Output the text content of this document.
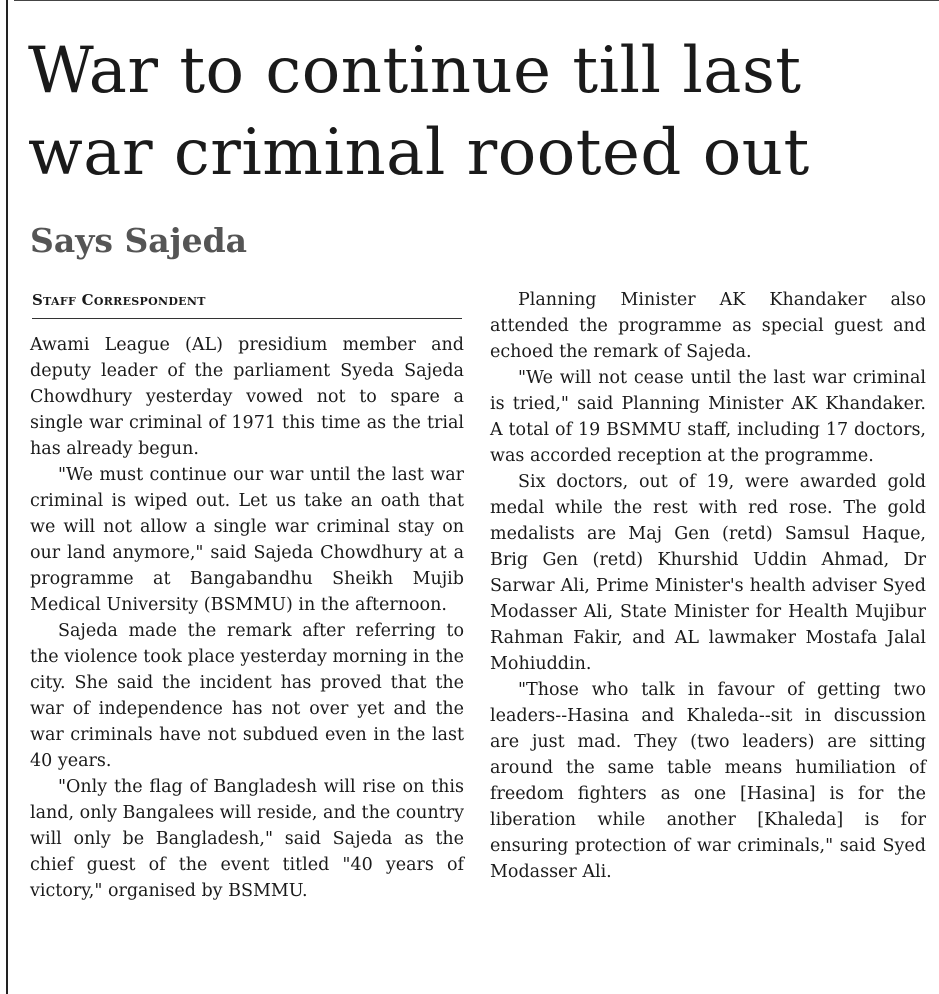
War to continue till last war criminal rooted out
Says Sajeda
Staff Correspondent

Awami League (AL) presidium member and deputy leader of the parliament Syeda Sajeda Chowdhury yesterday vowed not to spare a single war criminal of 1971 this time as the trial has already begun.

"We must continue our war until the last war criminal is wiped out. Let us take an oath that we will not allow a single war criminal stay on our land anymore," said Sajeda Chowdhury at a programme at Bangabandhu Sheikh Mujib Medical University (BSMMU) in the afternoon.

Sajeda made the remark after referring to the violence took place yesterday morning in the city. She said the incident has proved that the war of independence has not over yet and the war criminals have not subdued even in the last 40 years.

"Only the flag of Bangladesh will rise on this land, only Bangalees will reside, and the country will only be Bangladesh," said Sajeda as the chief guest of the event titled "40 years of victory," organised by BSMMU.

Planning Minister AK Khandaker also attended the programme as special guest and echoed the remark of Sajeda.

"We will not cease until the last war criminal is tried," said Planning Minister AK Khandaker. A total of 19 BSMMU staff, including 17 doctors, was accorded reception at the programme.

Six doctors, out of 19, were awarded gold medal while the rest with red rose. The gold medalists are Maj Gen (retd) Samsul Haque, Brig Gen (retd) Khurshid Uddin Ahmad, Dr Sarwar Ali, Prime Minister's health adviser Syed Modasser Ali, State Minister for Health Mujibur Rahman Fakir, and AL lawmaker Mostafa Jalal Mohiuddin.

"Those who talk in favour of getting two leaders--Hasina and Khaleda--sit in discussion are just mad. They (two leaders) are sitting around the same table means humiliation of freedom fighters as one [Hasina] is for the liberation while another [Khaleda] is for ensuring protection of war criminals," said Syed Modasser Ali.
